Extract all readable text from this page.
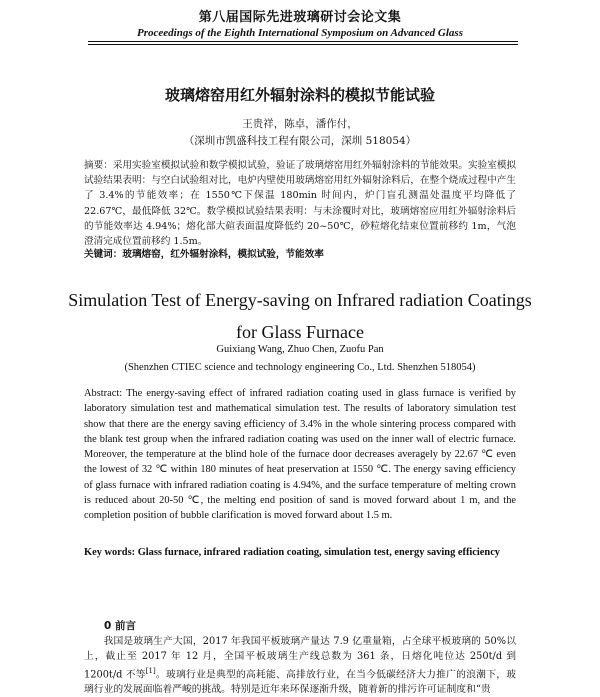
第八届国际先进玻璃研讨会论文集
Proceedings of the Eighth International Symposium on Advanced Glass
玻璃熔窑用红外辐射涂料的模拟节能试验
王贵祥，陈卓，潘作付，
（深圳市凯盛科技工程有限公司，深圳 518054）
摘要：采用实验室模拟试验和数学模拟试验，验证了玻璃熔窑用红外辐射涂料的节能效果。实验室模拟试验结果表明：与空白试验组对比，电炉内壁使用玻璃熔窑用红外辐射涂料后，在整个烧成过程中产生了 3.4%的节能效率；在 1550℃下保温 180min 时间内，炉门盲孔测温处温度平均降低了 22.67℃，最低降低 32℃。数学模拟试验结果表明：与未涂覆时对比，玻璃熔窑应用红外辐射涂料后的节能效率达 4.94%；熔化部大碹表面温度降低约 20~50℃，砂粒熔化结束位置前移约 1m，气泡澄清完成位置前移约 1.5m。
关键词：玻璃熔窑，红外辐射涂料，模拟试验，节能效率
Simulation Test of Energy-saving on Infrared radiation Coatings
for Glass Furnace
Guixiang Wang, Zhuo Chen, Zuofu Pan
(Shenzhen CTIEC science and technology engineering Co., Ltd. Shenzhen 518054)
Abstract: The energy-saving effect of infrared radiation coating used in glass furnace is verified by laboratory simulation test and mathematical simulation test. The results of laboratory simulation test show that there are the energy saving efficiency of 3.4% in the whole sintering process compared with the blank test group when the infrared radiation coating was used on the inner wall of electric furnace. Moreover, the temperature at the blind hole of the furnace door decreases averagely by 22.67 ℃ even the lowest of 32 ℃ within 180 minutes of heat preservation at 1550 ℃. The energy saving efficiency of glass furnace with infrared radiation coating is 4.94%, and the surface temperature of melting crown is reduced about 20-50 ℃, the melting end position of sand is moved forward about 1 m, and the completion position of bubble clarification is moved forward about 1.5 m.
Key words: Glass furnace, infrared radiation coating, simulation test, energy saving efficiency
0 前言
我国是玻璃生产大国，2017 年我国平板玻璃产量达 7.9 亿重量箱，占全球平板玻璃的 50%以上，截止至 2017 年 12 月，全国平板玻璃生产线总数为 361 条，日熔化吨位达 250t/d 到 1200t/d 不等[1]。玻璃行业是典型的高耗能、高排放行业，在当今低碳经济大力推广的浪潮下，玻璃行业的发展面临着严峻的挑战。特别是近年来环保逐渐升级，随着新的排污许可证制度和“贵
